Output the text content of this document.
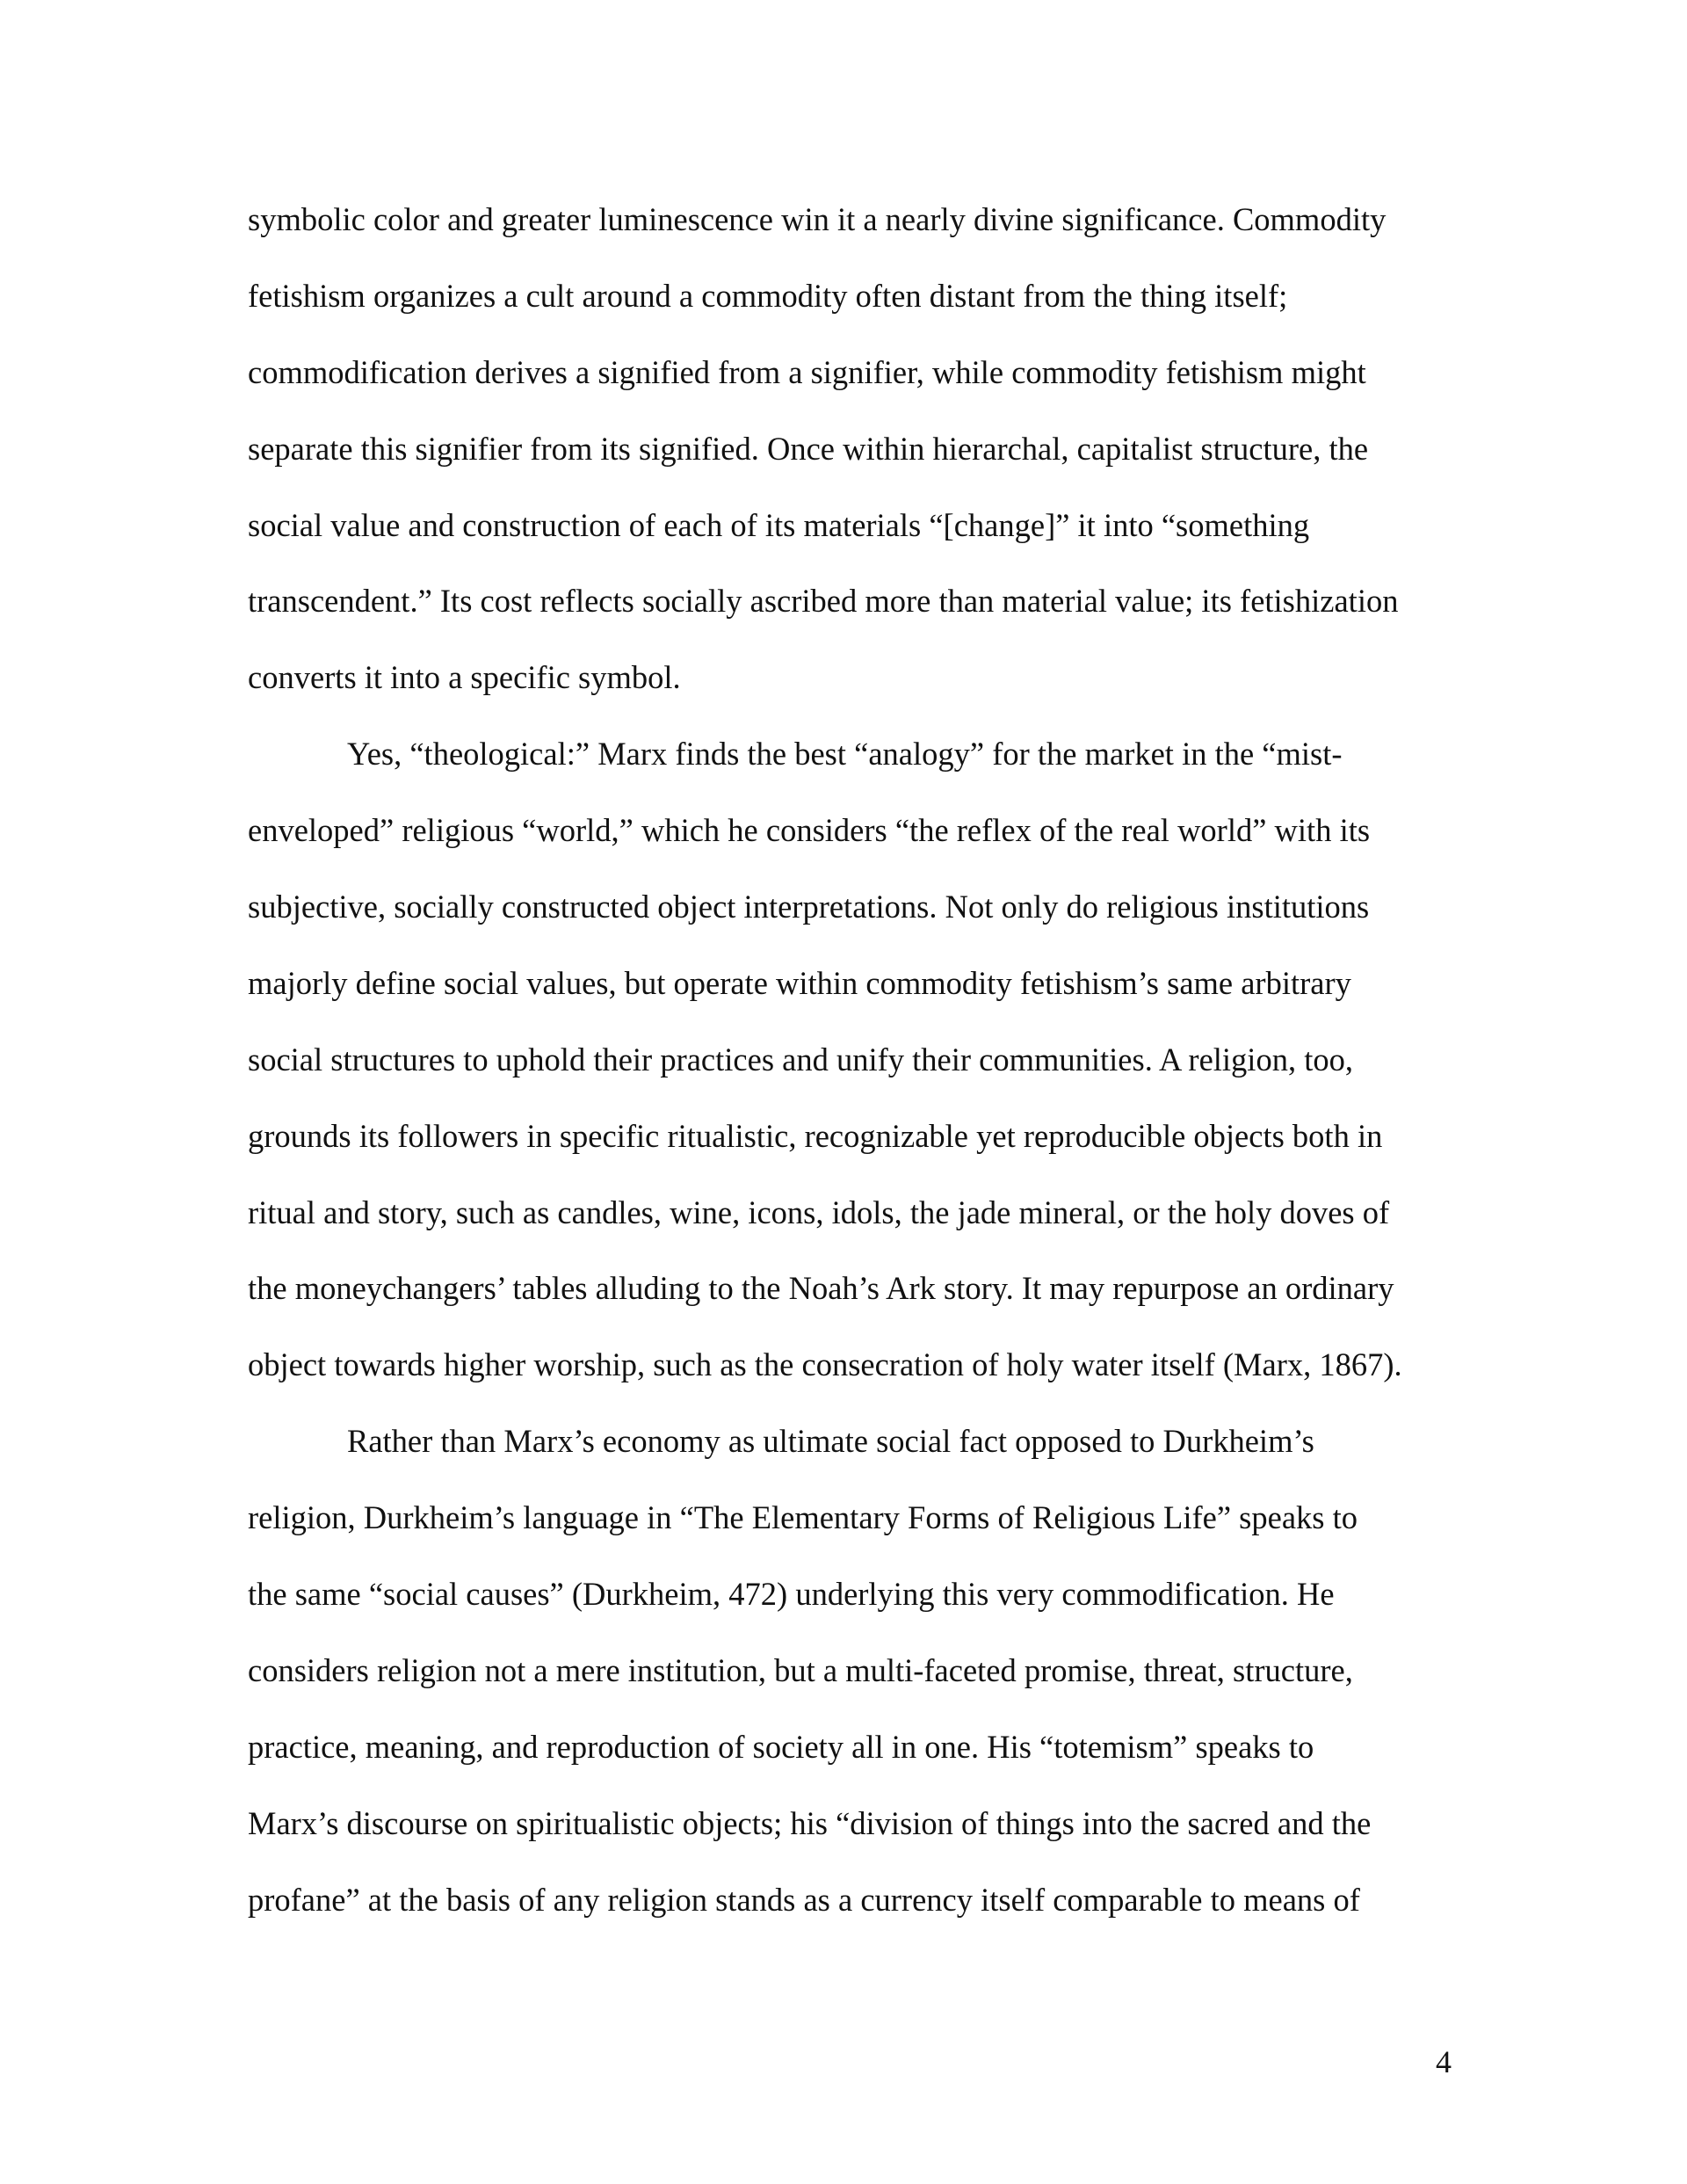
symbolic color and greater luminescence win it a nearly divine significance. Commodity
fetishism organizes a cult around a commodity often distant from the thing itself;
commodification derives a signified from a signifier, while commodity fetishism might
separate this signifier from its signified. Once within hierarchal, capitalist structure, the
social value and construction of each of its materials “[change]” it into “something
transcendent.” Its cost reflects socially ascribed more than material value; its fetishization
converts it into a specific symbol.
Yes, “theological:” Marx finds the best “analogy” for the market in the “mist-
enveloped” religious “world,” which he considers “the reflex of the real world” with its
subjective, socially constructed object interpretations. Not only do religious institutions
majorly define social values, but operate within commodity fetishism’s same arbitrary
social structures to uphold their practices and unify their communities. A religion, too,
grounds its followers in specific ritualistic, recognizable yet reproducible objects both in
ritual and story, such as candles, wine, icons, idols, the jade mineral, or the holy doves of
the moneychangers’ tables alluding to the Noah’s Ark story. It may repurpose an ordinary
object towards higher worship, such as the consecration of holy water itself (Marx, 1867).
Rather than Marx’s economy as ultimate social fact opposed to Durkheim’s
religion, Durkheim’s language in “The Elementary Forms of Religious Life” speaks to
the same “social causes” (Durkheim, 472) underlying this very commodification. He
considers religion not a mere institution, but a multi-faceted promise, threat, structure,
practice, meaning, and reproduction of society all in one. His “totemism” speaks to
Marx’s discourse on spiritualistic objects; his “division of things into the sacred and the
profane” at the basis of any religion stands as a currency itself comparable to means of
4
